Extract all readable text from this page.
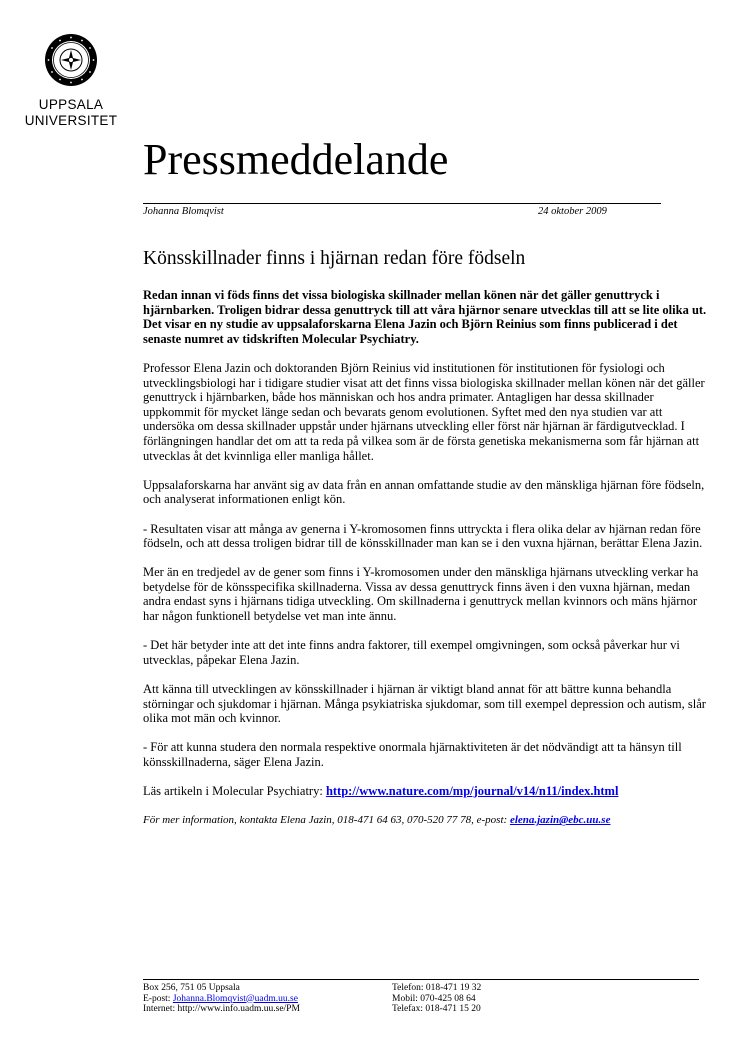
UPPSALA
UNIVERSITET
Pressmeddelande
Johanna Blomqvist	24 oktober 2009
Könsskillnader finns i hjärnan redan före födseln

Redan innan vi föds finns det vissa biologiska skillnader mellan könen när det gäller genuttryck i hjärnbarken. Troligen bidrar dessa genuttryck till att våra hjärnor senare utvecklas till att se lite olika ut. Det visar en ny studie av uppsalaforskarna Elena Jazin och Björn Reinius som finns publicerad i det senaste numret av tidskriften Molecular Psychiatry.

Professor Elena Jazin och doktoranden Björn Reinius vid institutionen för institutionen för fysiologi och utvecklingsbiologi har i tidigare studier visat att det finns vissa biologiska skillnader mellan könen när det gäller genuttryck i hjärnbarken, både hos människan och hos andra primater. Antagligen har dessa skillnader uppkommit för mycket länge sedan och bevarats genom evolutionen. Syftet med den nya studien var att undersöka om dessa skillnader uppstår under hjärnans utveckling eller först när hjärnan är färdigutvecklad. I förlängningen handlar det om att ta reda på vilkea som är de första genetiska mekanismerna som får hjärnan att utvecklas åt det kvinnliga eller manliga hållet.

Uppsalaforskarna har använt sig av data från en annan omfattande studie av den mänskliga hjärnan före födseln, och analyserat informationen enligt kön.

- Resultaten visar att många av generna i Y-kromosomen finns uttryckta i flera olika delar av hjärnan redan före födseln, och att dessa troligen bidrar till de könsskillnader man kan se i den vuxna hjärnan, berättar Elena Jazin.

Mer än en tredjedel av de gener som finns i Y-kromosomen under den mänskliga hjärnans utveckling verkar ha betydelse för de könsspecifika skillnaderna. Vissa av dessa genuttryck finns även i den vuxna hjärnan, medan andra endast syns i hjärnans tidiga utveckling. Om skillnaderna i genuttryck mellan kvinnors och mäns hjärnor har någon funktionell betydelse vet man inte ännu.

- Det här betyder inte att det inte finns andra faktorer, till exempel omgivningen, som också påverkar hur vi utvecklas, påpekar Elena Jazin.

Att känna till utvecklingen av könsskillnader i hjärnan är viktigt bland annat för att bättre kunna behandla störningar och sjukdomar i hjärnan. Många psykiatriska sjukdomar, som till exempel depression och autism, slår olika mot män och kvinnor.

- För att kunna studera den normala respektive onormala hjärnaktiviteten är det nödvändigt att ta hänsyn till könsskillnaderna, säger Elena Jazin.

Läs artikeln i Molecular Psychiatry: http://www.nature.com/mp/journal/v14/n11/index.html

För mer information, kontakta Elena Jazin, 018-471 64 63, 070-520 77 78, e-post: elena.jazin@ebc.uu.se

Box 256, 751 05 Uppsala
E-post: Johanna.Blomqvist@uadm.uu.se
Internet: http://www.info.uadm.uu.se/PM
Telefon: 018-471 19 32
Mobil: 070-425 08 64
Telefax: 018-471 15 20
